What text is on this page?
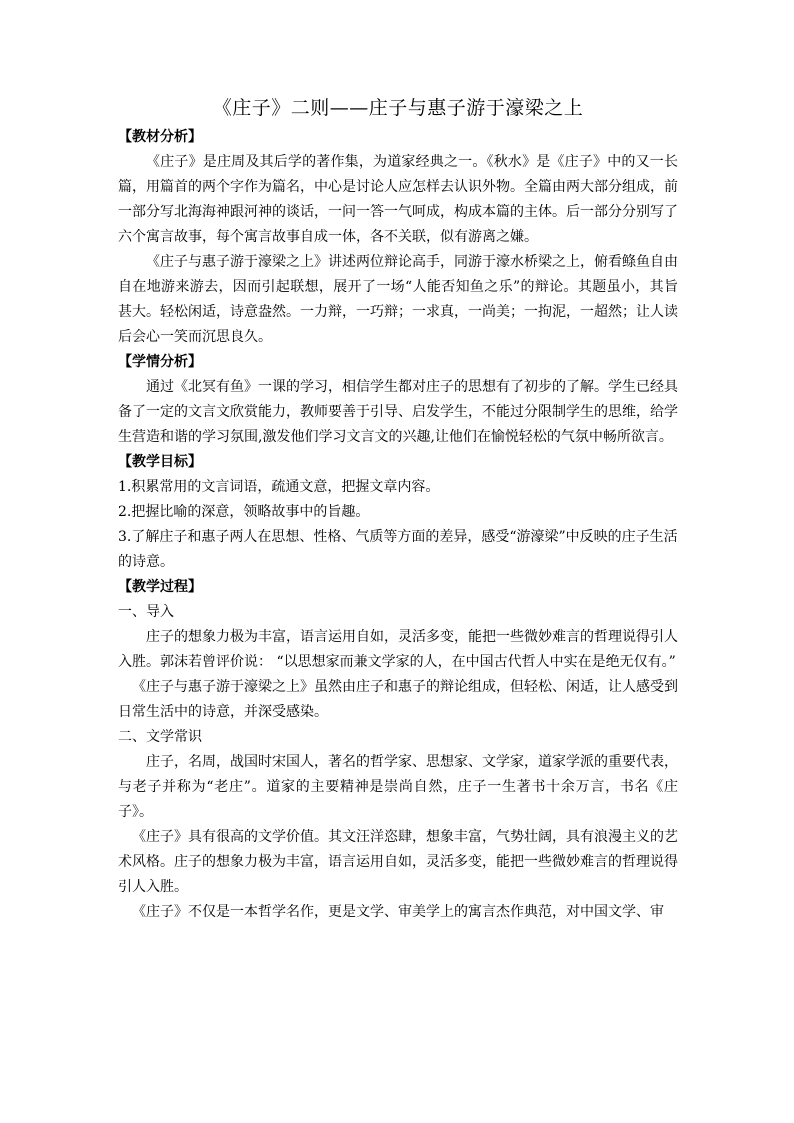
《庄子》二则——庄子与惠子游于濠梁之上

【教材分析】

《庄子》是庄周及其后学的著作集，为道家经典之一。《秋水》是《庄子》中的又一长篇，用篇首的两个字作为篇名，中心是讨论人应怎样去认识外物。全篇由两大部分组成，前一部分写北海海神跟河神的谈话，一问一答一气呵成，构成本篇的主体。后一部分分别写了六个寓言故事，每个寓言故事自成一体，各不关联，似有游离之嫌。

《庄子与惠子游于濠梁之上》讲述两位辩论高手，同游于濠水桥梁之上，俯看鲦鱼自由自在地游来游去，因而引起联想，展开了一场“人能否知鱼之乐”的辩论。其题虽小，其旨甚大。轻松闲适，诗意盎然。一力辩，一巧辩；一求真，一尚美；一拘泥，一超然；让人读后会心一笑而沉思良久。

【学情分析】

通过《北冥有鱼》一课的学习，相信学生都对庄子的思想有了初步的了解。学生已经具备了一定的文言文欣赏能力，教师要善于引导、启发学生，不能过分限制学生的思维，给学生营造和谐的学习氛围,激发他们学习文言文的兴趣,让他们在愉悦轻松的气氛中畅所欲言。

【教学目标】

1.积累常用的文言词语，疏通文意，把握文章内容。

2.把握比喻的深意，领略故事中的旨趣。

3.了解庄子和惠子两人在思想、性格、气质等方面的差异，感受“游濠梁”中反映的庄子生活的诗意。

【教学过程】

一、导入

庄子的想象力极为丰富，语言运用自如，灵活多变，能把一些微妙难言的哲理说得引人入胜。郭沫若曾评价说： “以思想家而兼文学家的人，在中国古代哲人中实在是绝无仅有。”

《庄子与惠子游于濠梁之上》虽然由庄子和惠子的辩论组成，但轻松、闲适，让人感受到日常生活中的诗意，并深受感染。

二、文学常识

庄子，名周，战国时宋国人，著名的哲学家、思想家、文学家，道家学派的重要代表，与老子并称为“老庄”。道家的主要精神是崇尚自然，庄子一生著书十余万言，书名《庄子》。

《庄子》具有很高的文学价值。其文汪洋恣肆，想象丰富，气势壮阔，具有浪漫主义的艺术风格。庄子的想象力极为丰富，语言运用自如，灵活多变，能把一些微妙难言的哲理说得引人入胜。

《庄子》不仅是一本哲学名作，更是文学、审美学上的寓言杰作典范，对中国文学、审
